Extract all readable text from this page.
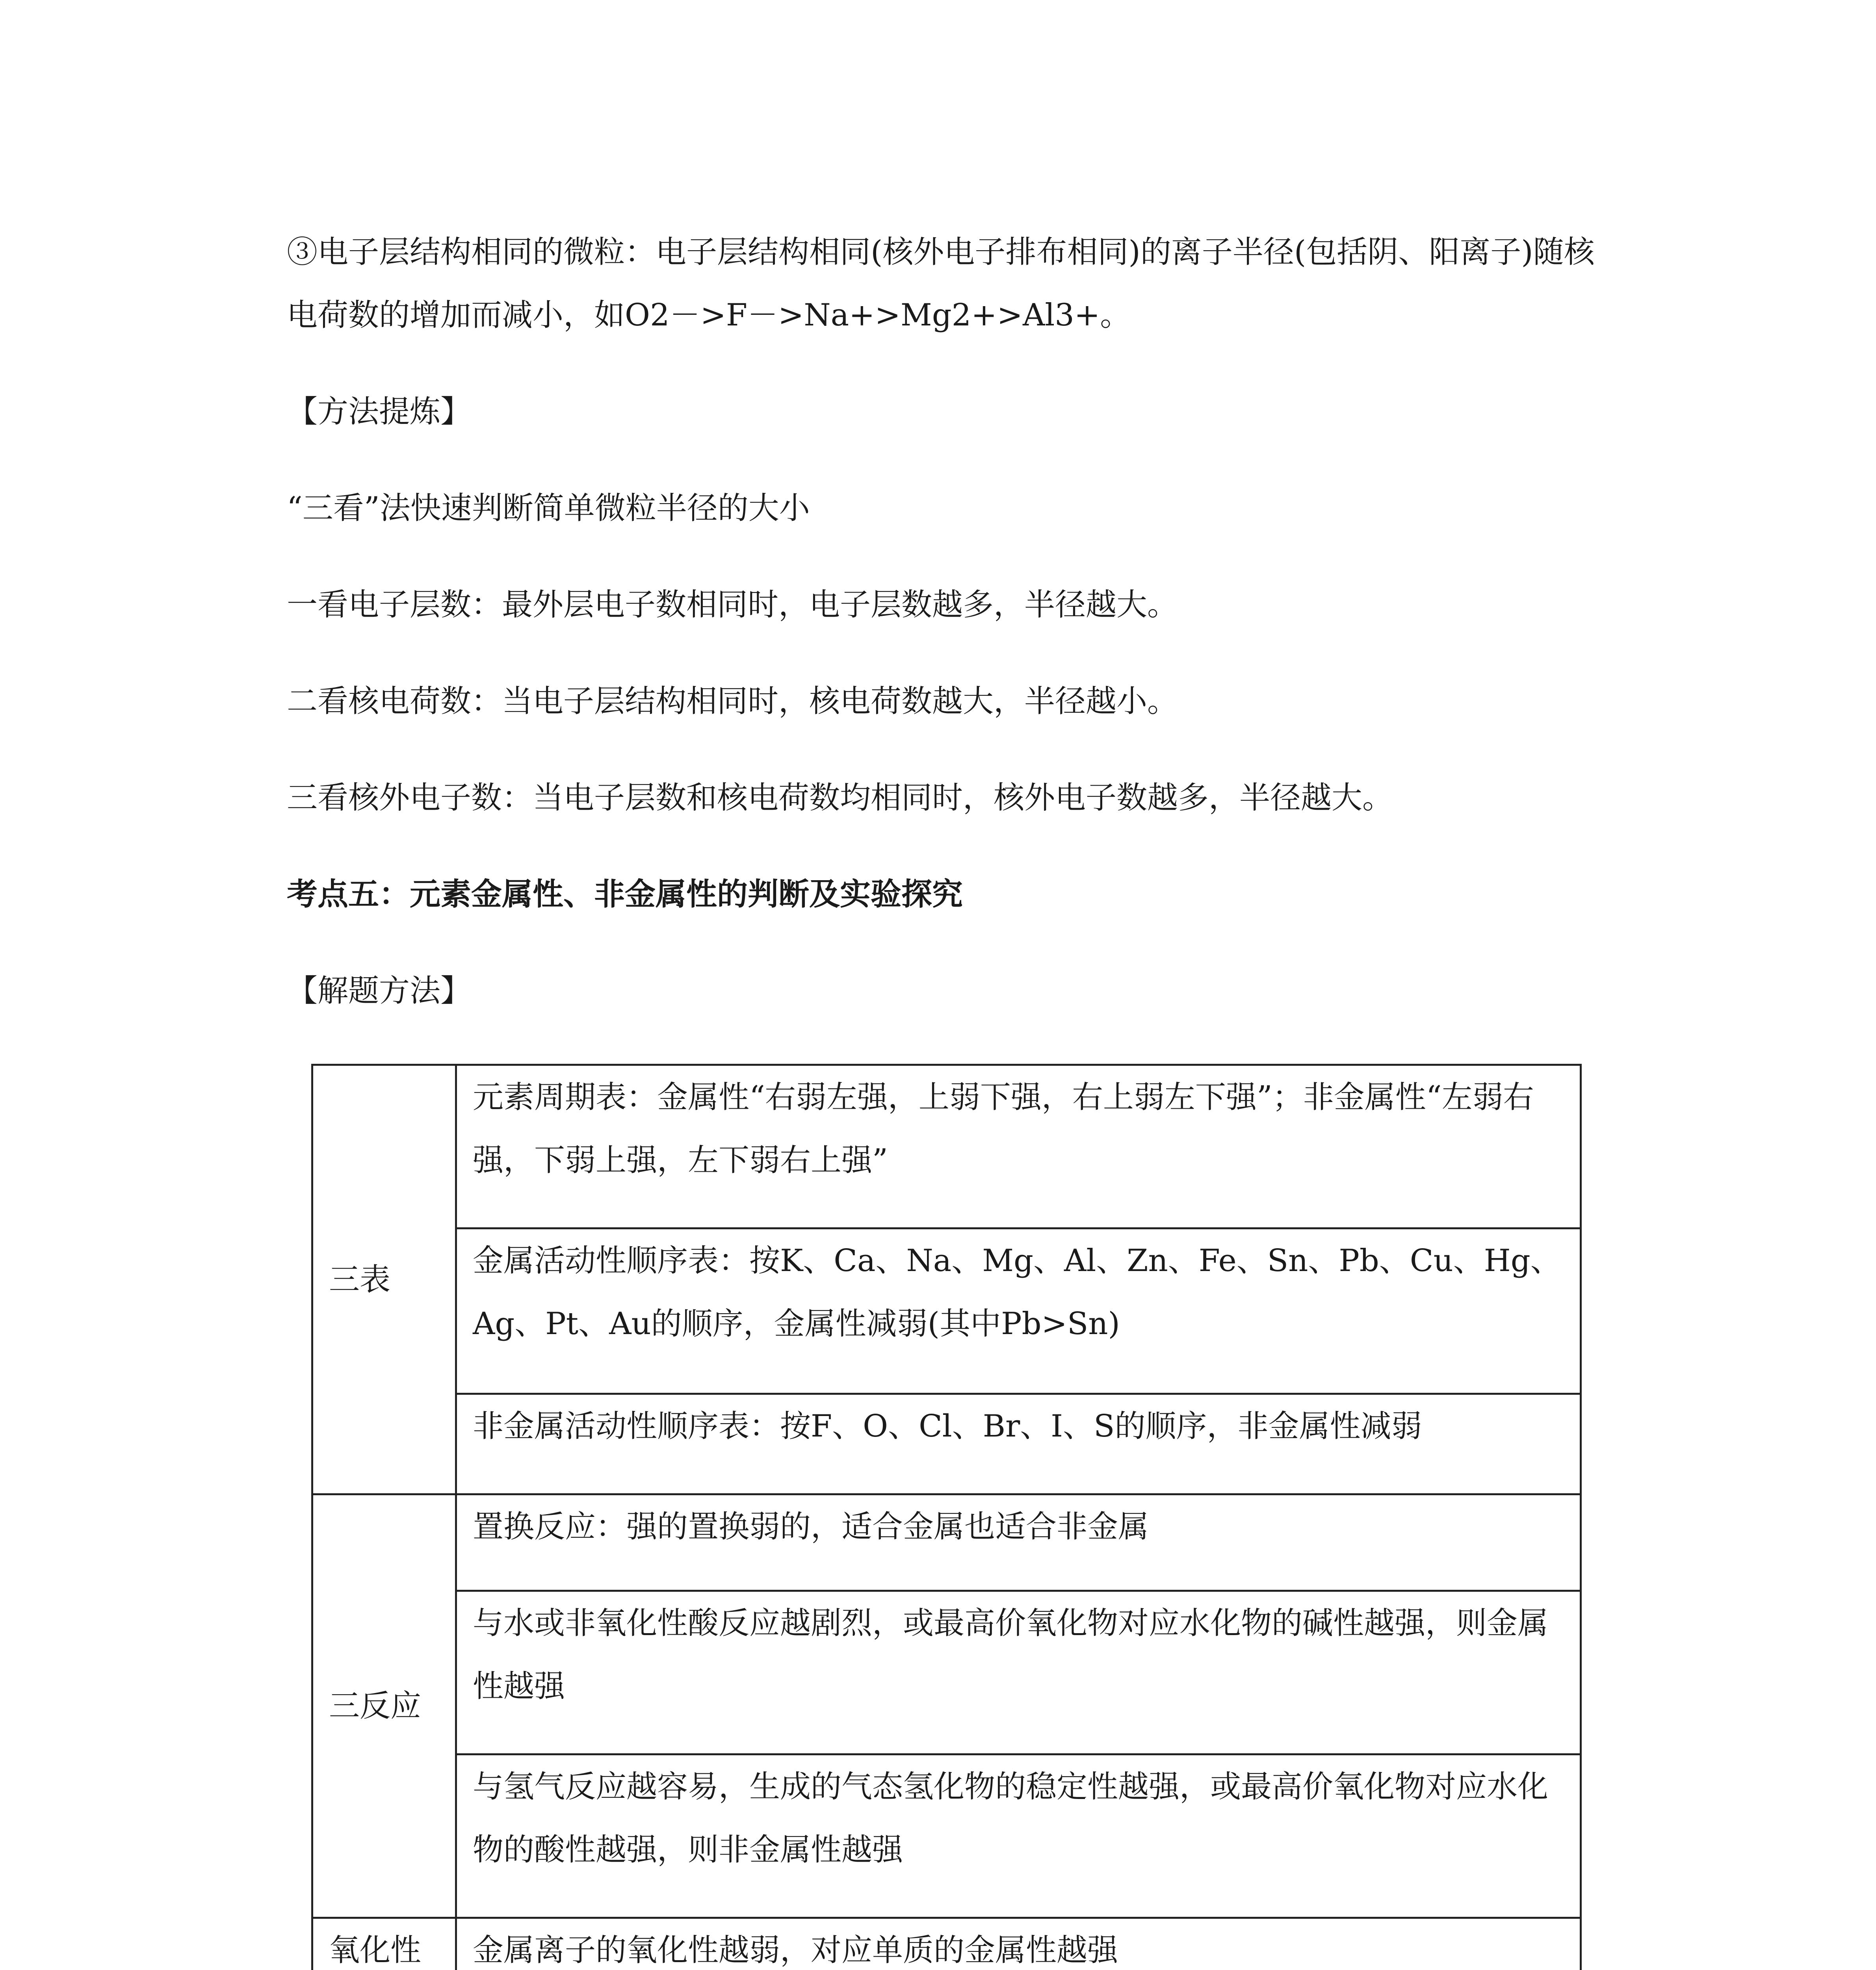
③电子层结构相同的微粒：电子层结构相同(核外电子排布相同)的离子半径(包括阴、阳离子)随核电荷数的增加而减小，如O2－>F－>Na+>Mg2+>Al3+。
【方法提炼】
“三看”法快速判断简单微粒半径的大小
一看电子层数：最外层电子数相同时，电子层数越多，半径越大。
二看核电荷数：当电子层结构相同时，核电荷数越大，半径越小。
三看核外电子数：当电子层数和核电荷数均相同时，核外电子数越多，半径越大。
考点五：元素金属性、非金属性的判断及实验探究
【解题方法】
三表	元素周期表：金属性“右弱左强，上弱下强，右上弱左下强”；非金属性“左弱右强，下弱上强，左下弱右上强”
	金属活动性顺序表：按K、Ca、Na、Mg、Al、Zn、Fe、Sn、Pb、Cu、Hg、Ag、Pt、Au的顺序，金属性减弱(其中Pb>Sn)
	非金属活动性顺序表：按F、O、Cl、Br、I、S的顺序，非金属性减弱
三反应	置换反应：强的置换弱的，适合金属也适合非金属
	与水或非氧化性酸反应越剧烈，或最高价氧化物对应水化物的碱性越强，则金属性越强
	与氢气反应越容易，生成的气态氢化物的稳定性越强，或最高价氧化物对应水化物的酸性越强，则非金属性越强
氧化性	金属离子的氧化性越弱，对应单质的金属性越强
